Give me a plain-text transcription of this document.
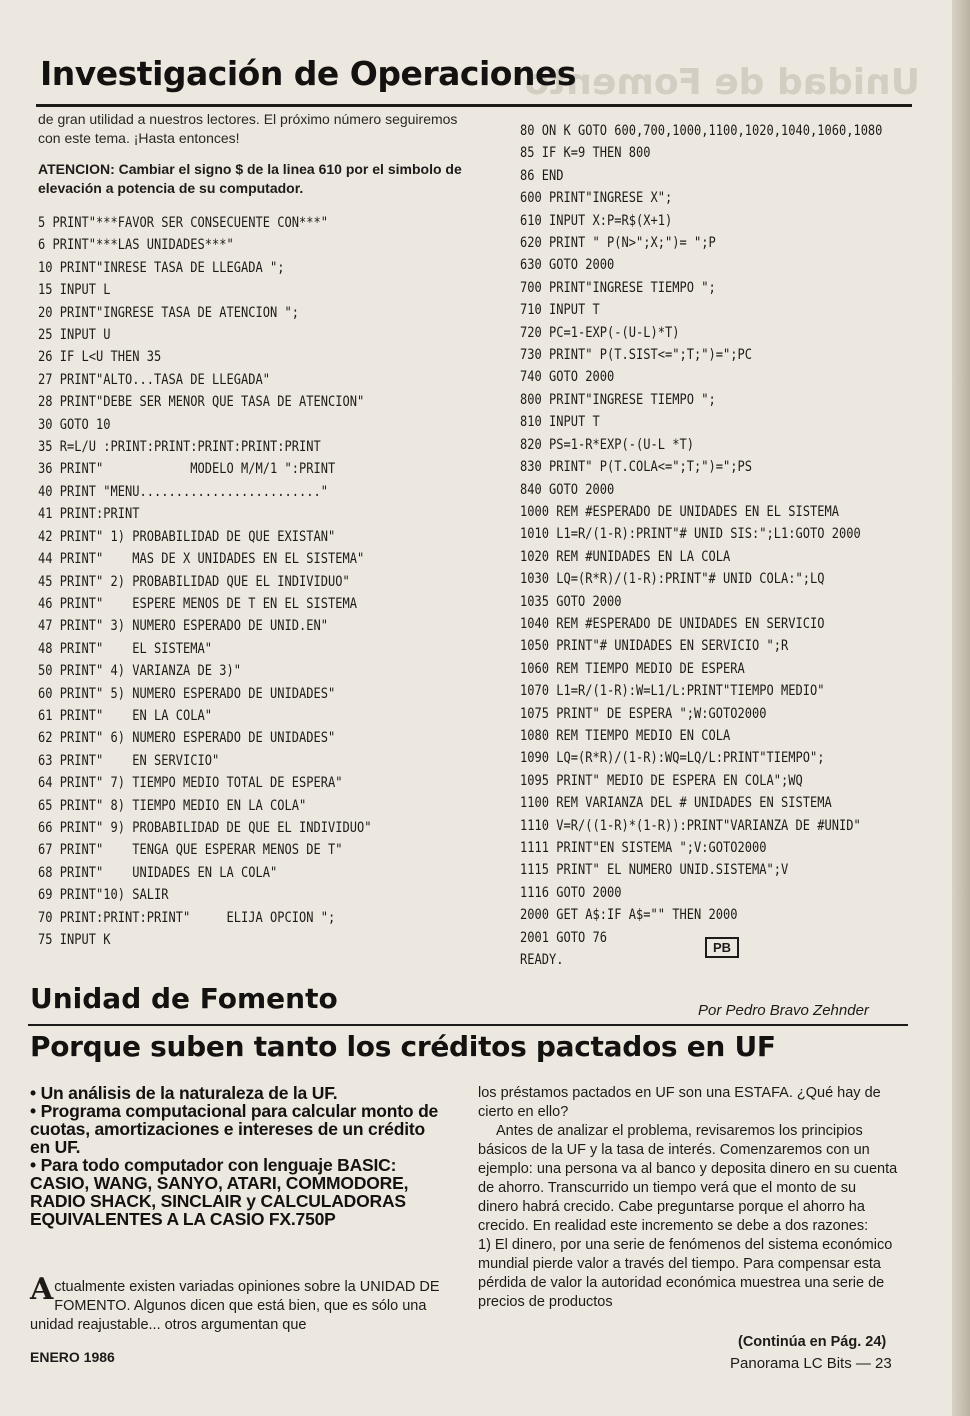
Unidad de Fomento
Investigación de Operaciones

de gran utilidad a nuestros lectores. El próximo número seguiremos con este tema. ¡Hasta entonces!

ATENCION: Cambiar el signo $ de la linea 610 por el simbolo de elevación a potencia de su computador.

5 PRINT"***FAVOR SER CONSECUENTE CON***"
6 PRINT"***LAS UNIDADES***"
10 PRINT"INRESE TASA DE LLEGADA ";
15 INPUT L
20 PRINT"INGRESE TASA DE ATENCION ";
25 INPUT U
26 IF L<U THEN 35
27 PRINT"ALTO...TASA DE LLEGADA"
28 PRINT"DEBE SER MENOR QUE TASA DE ATENCION"
30 GOTO 10
35 R=L/U :PRINT:PRINT:PRINT:PRINT:PRINT
36 PRINT"            MODELO M/M/1 ":PRINT
40 PRINT "MENU........................."
41 PRINT:PRINT
42 PRINT" 1) PROBABILIDAD DE QUE EXISTAN"
44 PRINT"    MAS DE X UNIDADES EN EL SISTEMA"
45 PRINT" 2) PROBABILIDAD QUE EL INDIVIDUO"
46 PRINT"    ESPERE MENOS DE T EN EL SISTEMA
47 PRINT" 3) NUMERO ESPERADO DE UNID.EN"
48 PRINT"    EL SISTEMA"
50 PRINT" 4) VARIANZA DE 3)"
60 PRINT" 5) NUMERO ESPERADO DE UNIDADES"
61 PRINT"    EN LA COLA"
62 PRINT" 6) NUMERO ESPERADO DE UNIDADES"
63 PRINT"    EN SERVICIO"
64 PRINT" 7) TIEMPO MEDIO TOTAL DE ESPERA"
65 PRINT" 8) TIEMPO MEDIO EN LA COLA"
66 PRINT" 9) PROBABILIDAD DE QUE EL INDIVIDUO"
67 PRINT"    TENGA QUE ESPERAR MENOS DE T"
68 PRINT"    UNIDADES EN LA COLA"
69 PRINT"10) SALIR
70 PRINT:PRINT:PRINT"     ELIJA OPCION ";
75 INPUT K
80 ON K GOTO 600,700,1000,1100,1020,1040,1060,1080
85 IF K=9 THEN 800
86 END
600 PRINT"INGRESE X";
610 INPUT X:P=R$(X+1)
620 PRINT " P(N>";X;")= ";P
630 GOTO 2000
700 PRINT"INGRESE TIEMPO ";
710 INPUT T
720 PC=1-EXP(-(U-L)*T)
730 PRINT" P(T.SIST<=";T;")=";PC
740 GOTO 2000
800 PRINT"INGRESE TIEMPO ";
810 INPUT T
820 PS=1-R*EXP(-(U-L *T)
830 PRINT" P(T.COLA<=";T;")=";PS
840 GOTO 2000
1000 REM #ESPERADO DE UNIDADES EN EL SISTEMA
1010 L1=R/(1-R):PRINT"# UNID SIS:";L1:GOTO 2000
1020 REM #UNIDADES EN LA COLA
1030 LQ=(R*R)/(1-R):PRINT"# UNID COLA:";LQ
1035 GOTO 2000
1040 REM #ESPERADO DE UNIDADES EN SERVICIO
1050 PRINT"# UNIDADES EN SERVICIO ";R
1060 REM TIEMPO MEDIO DE ESPERA
1070 L1=R/(1-R):W=L1/L:PRINT"TIEMPO MEDIO"
1075 PRINT" DE ESPERA ";W:GOTO2000
1080 REM TIEMPO MEDIO EN COLA
1090 LQ=(R*R)/(1-R):WQ=LQ/L:PRINT"TIEMPO";
1095 PRINT" MEDIO DE ESPERA EN COLA";WQ
1100 REM VARIANZA DEL # UNIDADES EN SISTEMA
1110 V=R/((1-R)*(1-R)):PRINT"VARIANZA DE #UNID"
1111 PRINT"EN SISTEMA ";V:GOTO2000
1115 PRINT" EL NUMERO UNID.SISTEMA";V
1116 GOTO 2000
2000 GET A$:IF A$="" THEN 2000
2001 GOTO 76
READY.
PB
Unidad de Fomento	Por Pedro Bravo Zehnder
Porque suben tanto los créditos pactados en UF

• Un análisis de la naturaleza de la UF.

• Programa computacional para calcular monto de cuotas, amortizaciones e intereses de un crédito en UF.

• Para todo computador con lenguaje BASIC: CASIO, WANG, SANYO, ATARI, COMMODORE, RADIO SHACK, SINCLAIR y CALCULADORAS EQUIVALENTES A LA CASIO FX.750P

Actualmente existen variadas opiniones sobre la UNIDAD DE FOMENTO. Algunos dicen que está bien, que es sólo una unidad reajustable... otros argumentan que

los préstamos pactados en UF son una ESTAFA. ¿Qué hay de cierto en ello?

Antes de analizar el problema, revisaremos los principios básicos de la UF y la tasa de interés. Comenzaremos con un ejemplo: una persona va al banco y deposita dinero en su cuenta de ahorro. Transcurrido un tiempo verá que el monto de su dinero habrá crecido. Cabe preguntarse porque el ahorro ha crecido. En realidad este incremento se debe a dos razones:

1) El dinero, por una serie de fenómenos del sistema económico mundial pierde valor a través del tiempo. Para compensar esta pérdida de valor la autoridad económica muestrea una serie de precios de productos

(Continúa en Pág. 24)
ENERO 1986	Panorama LC Bits — 23
